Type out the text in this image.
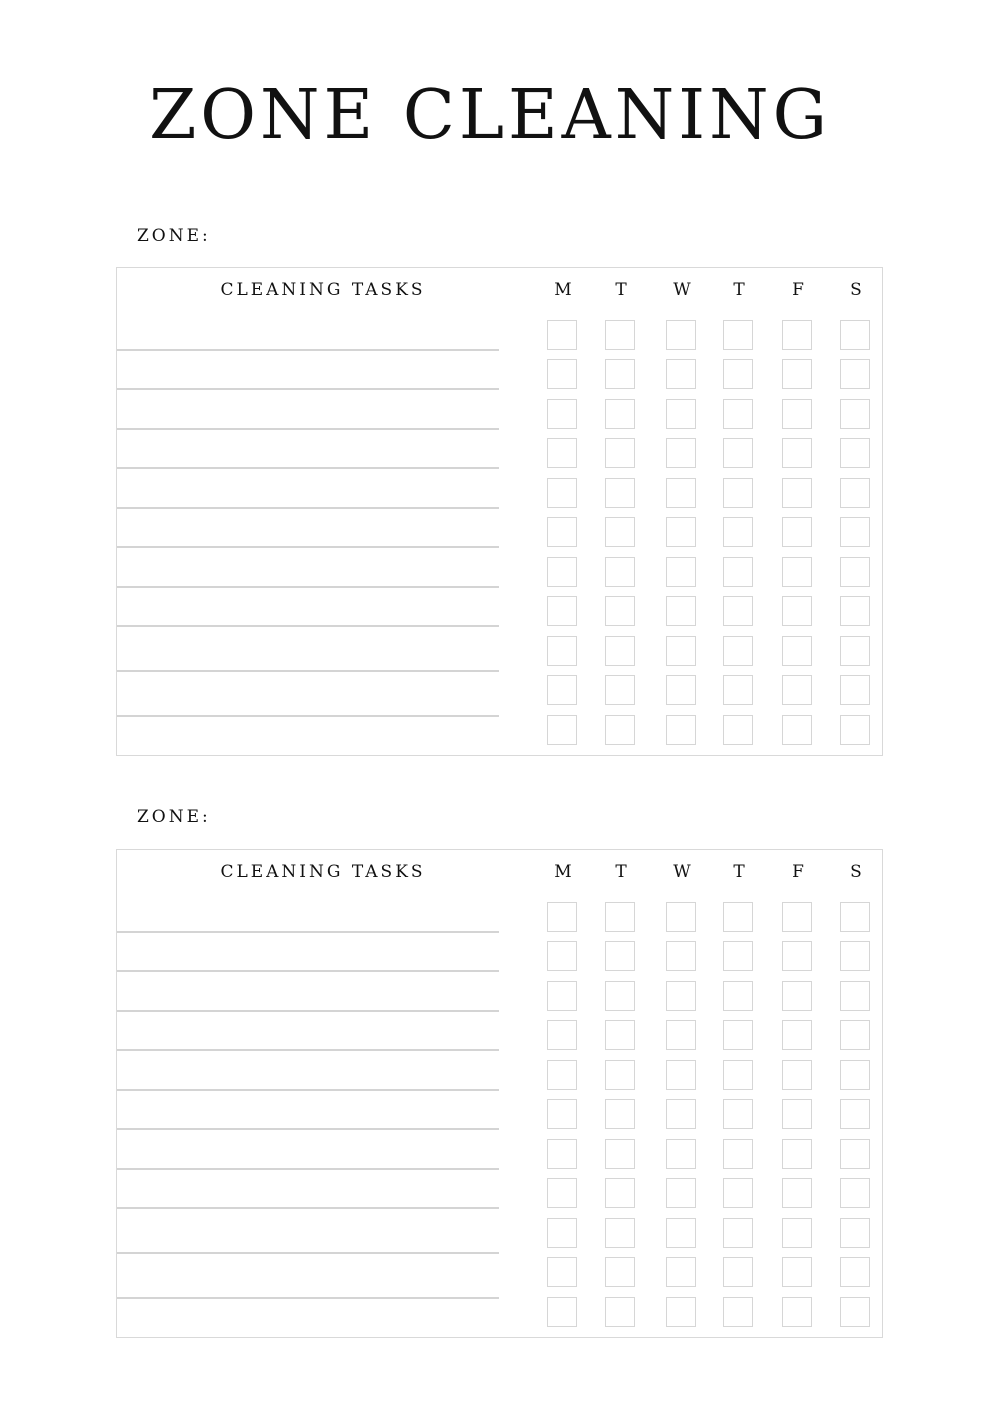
ZONE CLEANING
ZONE:
CLEANING TASKS	M	T	W	T	F	S
ZONE:
CLEANING TASKS	M	T	W	T	F	S
